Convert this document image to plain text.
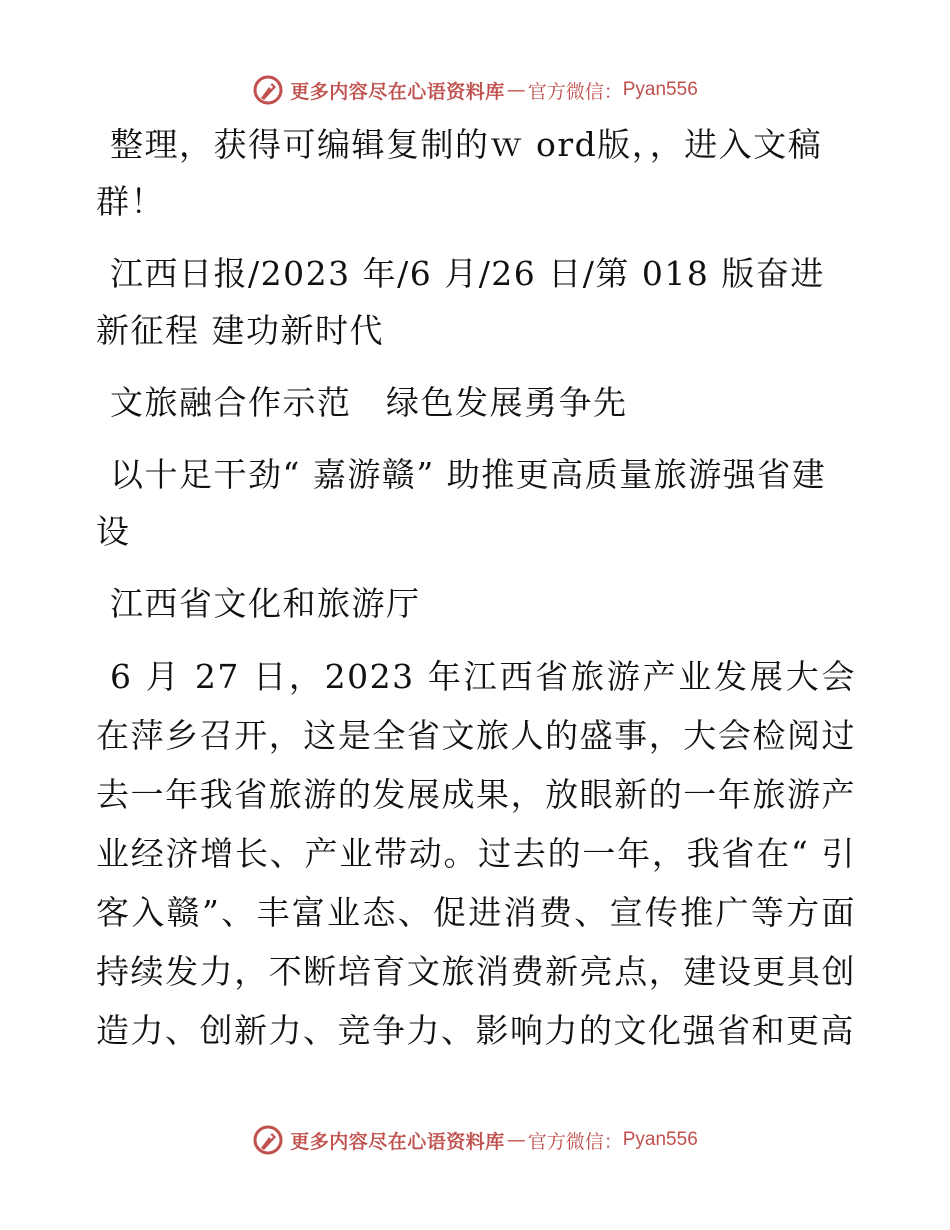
更多内容尽在心语资料库 — 官方微信： Pyan556

整理，获得可编辑复制的ｗ ord版，，进入文稿群！

江西日报/2023 年/6 月/26 日/第 018 版奋进新征程 建功新时代

文旅融合作示范　绿色发展勇争先

以十足干劲“ 嘉游赣” 助推更高质量旅游强省建设

江西省文化和旅游厅

6 月 27 日，2023 年江西省旅游产业发展大会在萍乡召开，这是全省文旅人的盛事，大会检阅过去一年我省旅游的发展成果，放眼新的一年旅游产业经济增长、产业带动。过去的一年，我省在“ 引客入赣”、丰富业态、促进消费、宣传推广等方面持续发力，不断培育文旅消费新亮点，建设更具创造力、创新力、竞争力、影响力的文化强省和更高

更多内容尽在心语资料库 — 官方微信： Pyan556
